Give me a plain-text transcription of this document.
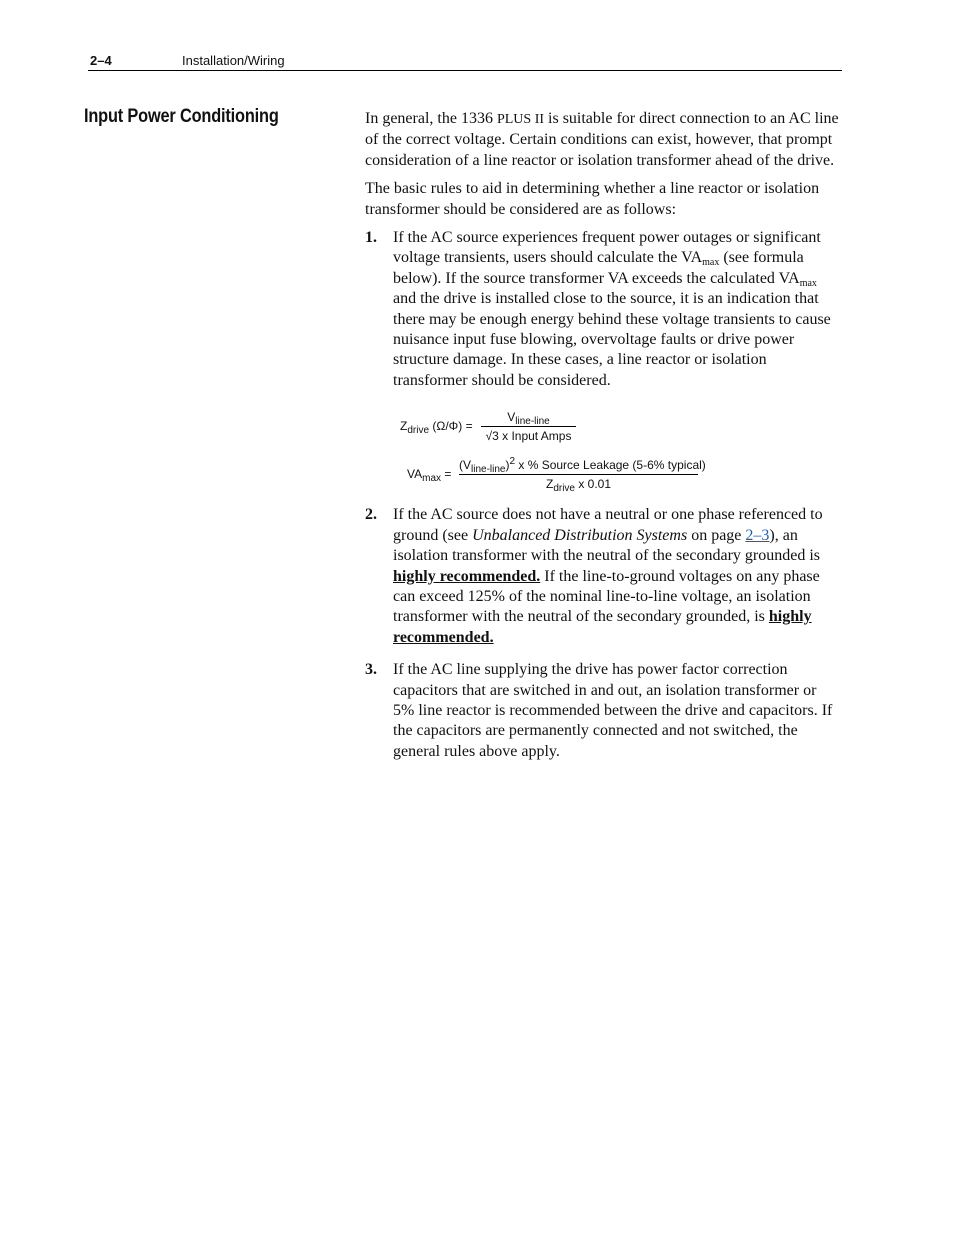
2–4	Installation/Wiring
Input Power Conditioning	In general, the 1336 PLUS II is suitable for direct connection to an AC line of the correct voltage. Certain conditions can exist, however, that prompt consideration of a line reactor or isolation transformer ahead of the drive.

The basic rules to aid in determining whether a line reactor or isolation transformer should be considered are as follows:

1. If the AC source experiences frequent power outages or significant voltage transients, users should calculate the $VA_{max}$ (see formula below). If the source transformer VA exceeds the calculated $VA_{max}$ and the drive is installed close to the source, it is an indication that there may be enough energy behind these voltage transients to cause nuisance input fuse blowing, overvoltage faults or drive power structure damage. In these cases, a line reactor or isolation transformer should be considered.
2. If the AC source does not have a neutral or one phase referenced to ground (see Unbalanced Distribution Systems on page 2–3), an isolation transformer with the neutral of the secondary grounded is highly recommended. If the line-to-ground voltages on any phase can exceed 125% of the nominal line-to-line voltage, an isolation transformer with the neutral of the secondary grounded, is highly recommended.
3. If the AC line supplying the drive has power factor correction capacitors that are switched in and out, an isolation transformer or 5% line reactor is recommended between the drive and capacitors. If the capacitors are permanently connected and not switched, the general rules above apply.
$Z_{drive}$ (Ω/Φ) =
$V_{line-line}$
√3 x Input Amps
$VA_{max}$ =
$(V_{line-line})^2$ x % Source Leakage (5-6% typical)
$Z_{drive}$ x 0.01
